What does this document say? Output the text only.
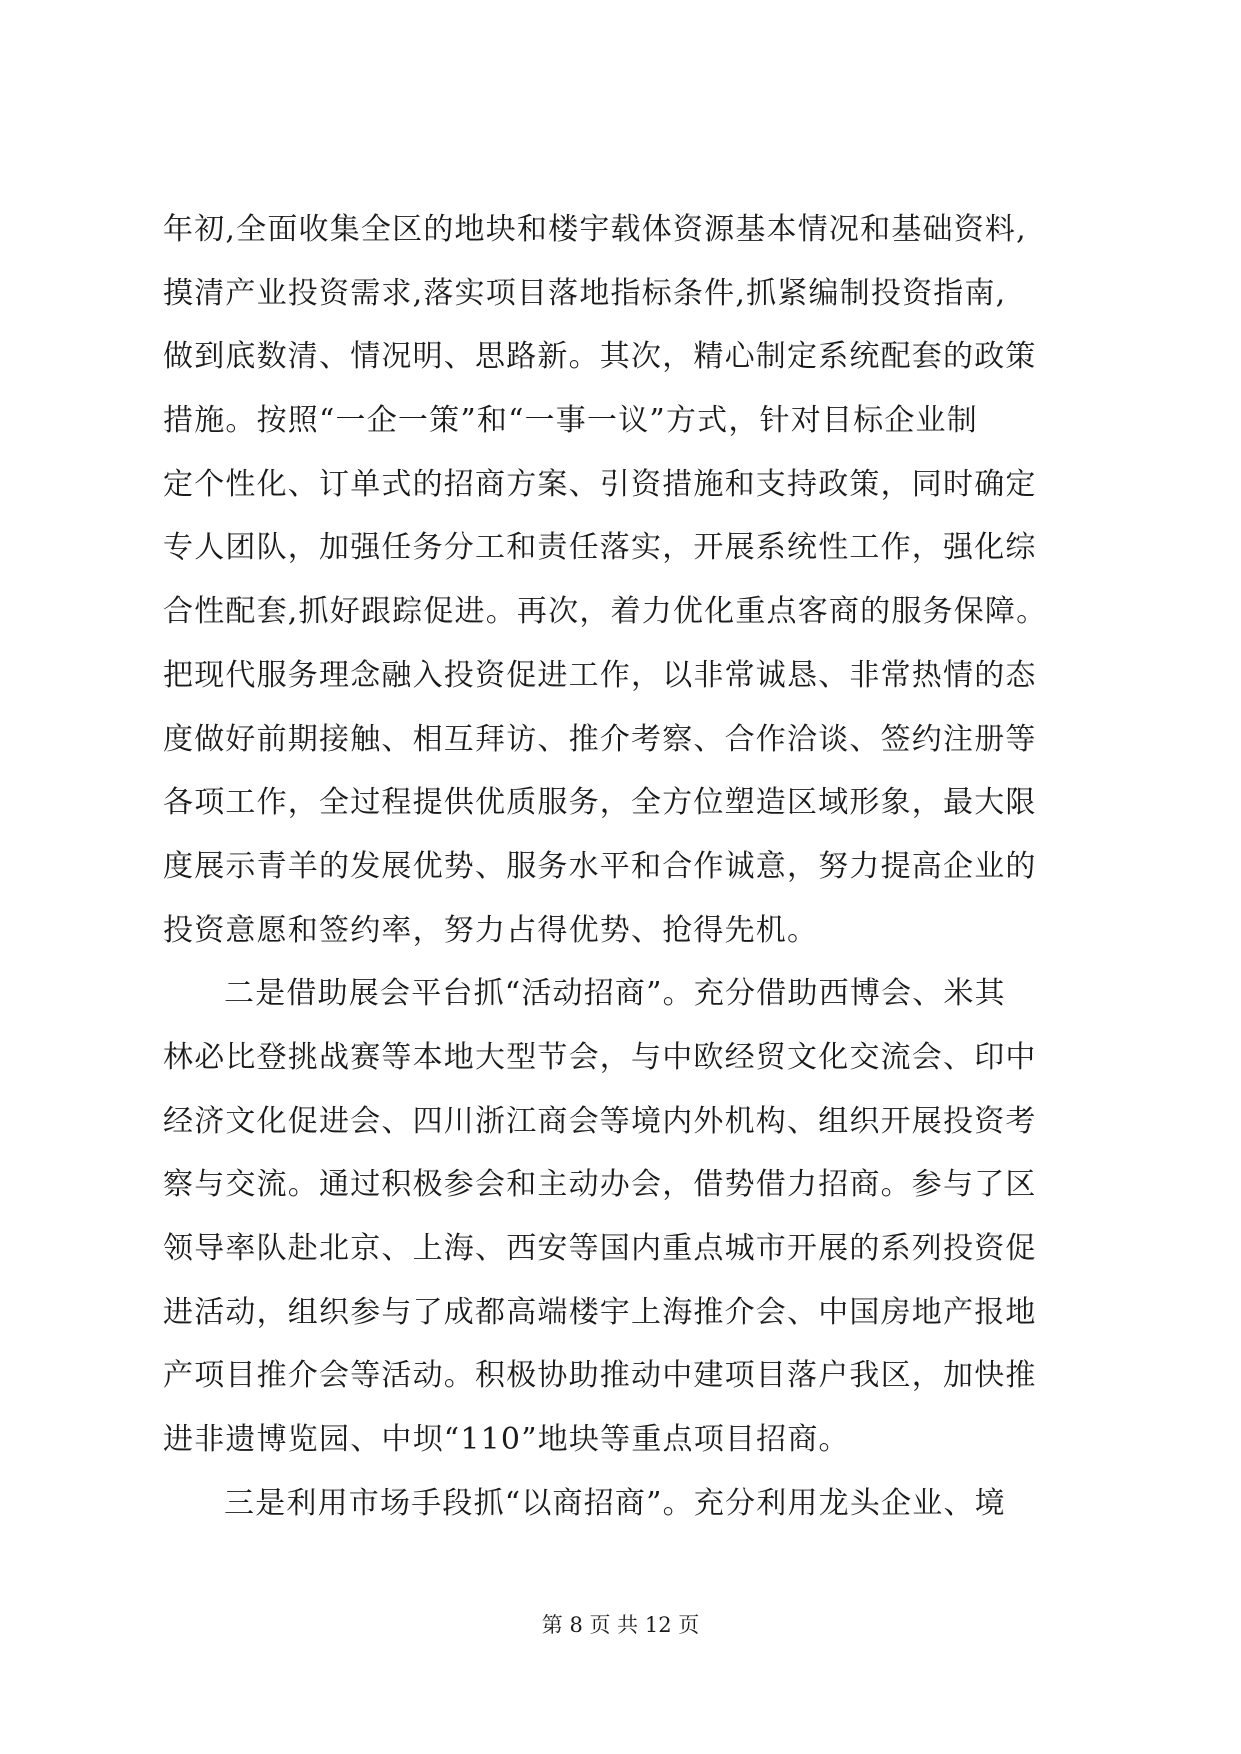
年初,全面收集全区的地块和楼宇载体资源基本情况和基础资料,
摸清产业投资需求,落实项目落地指标条件,抓紧编制投资指南,
做到底数清、情况明、思路新。其次，精心制定系统配套的政策
措施。按照“一企一策”和“一事一议”方式，针对目标企业制
定个性化、订单式的招商方案、引资措施和支持政策，同时确定
专人团队，加强任务分工和责任落实，开展系统性工作，强化综
合性配套,抓好跟踪促进。再次，着力优化重点客商的服务保障。
把现代服务理念融入投资促进工作，以非常诚恳、非常热情的态
度做好前期接触、相互拜访、推介考察、合作洽谈、签约注册等
各项工作，全过程提供优质服务，全方位塑造区域形象，最大限
度展示青羊的发展优势、服务水平和合作诚意，努力提高企业的
投资意愿和签约率，努力占得优势、抢得先机。
二是借助展会平台抓“活动招商”。充分借助西博会、米其
林必比登挑战赛等本地大型节会，与中欧经贸文化交流会、印中
经济文化促进会、四川浙江商会等境内外机构、组织开展投资考
察与交流。通过积极参会和主动办会，借势借力招商。参与了区
领导率队赴北京、上海、西安等国内重点城市开展的系列投资促
进活动，组织参与了成都高端楼宇上海推介会、中国房地产报地
产项目推介会等活动。积极协助推动中建项目落户我区，加快推
进非遗博览园、中坝“110”地块等重点项目招商。
三是利用市场手段抓“以商招商”。充分利用龙头企业、境
第 8 页 共 12 页
